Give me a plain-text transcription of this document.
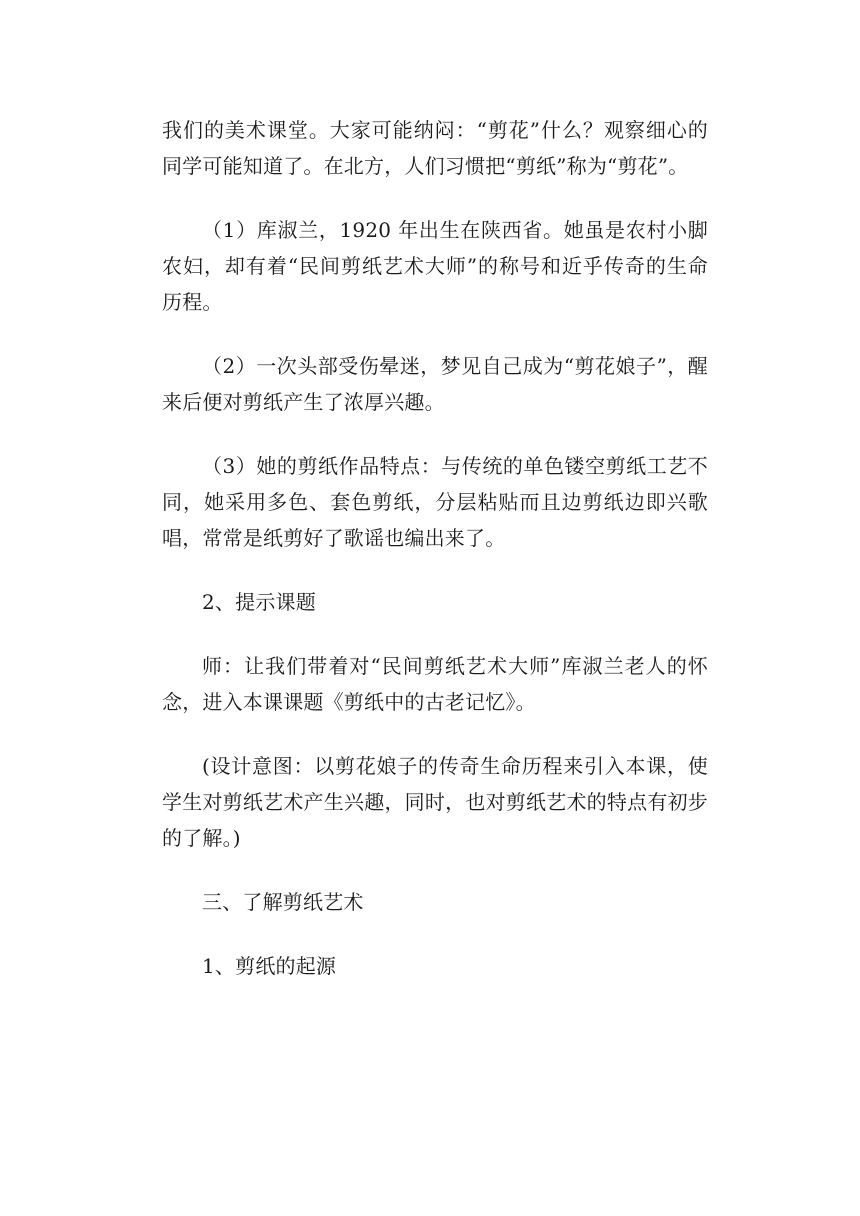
我们的美术课堂。大家可能纳闷：“剪花”什么？观察细心的同学可能知道了。在北方，人们习惯把“剪纸”称为“剪花”。

（1）库淑兰，1920 年出生在陕西省。她虽是农村小脚农妇，却有着“民间剪纸艺术大师”的称号和近乎传奇的生命历程。

（2）一次头部受伤晕迷，梦见自己成为“剪花娘子”，醒来后便对剪纸产生了浓厚兴趣。

（3）她的剪纸作品特点：与传统的单色镂空剪纸工艺不同，她采用多色、套色剪纸，分层粘贴而且边剪纸边即兴歌唱，常常是纸剪好了歌谣也编出来了。

2、提示课题

师：让我们带着对“民间剪纸艺术大师”库淑兰老人的怀念，进入本课课题《剪纸中的古老记忆》。

(设计意图：以剪花娘子的传奇生命历程来引入本课，使学生对剪纸艺术产生兴趣，同时，也对剪纸艺术的特点有初步的了解。)

三、了解剪纸艺术

1、剪纸的起源
